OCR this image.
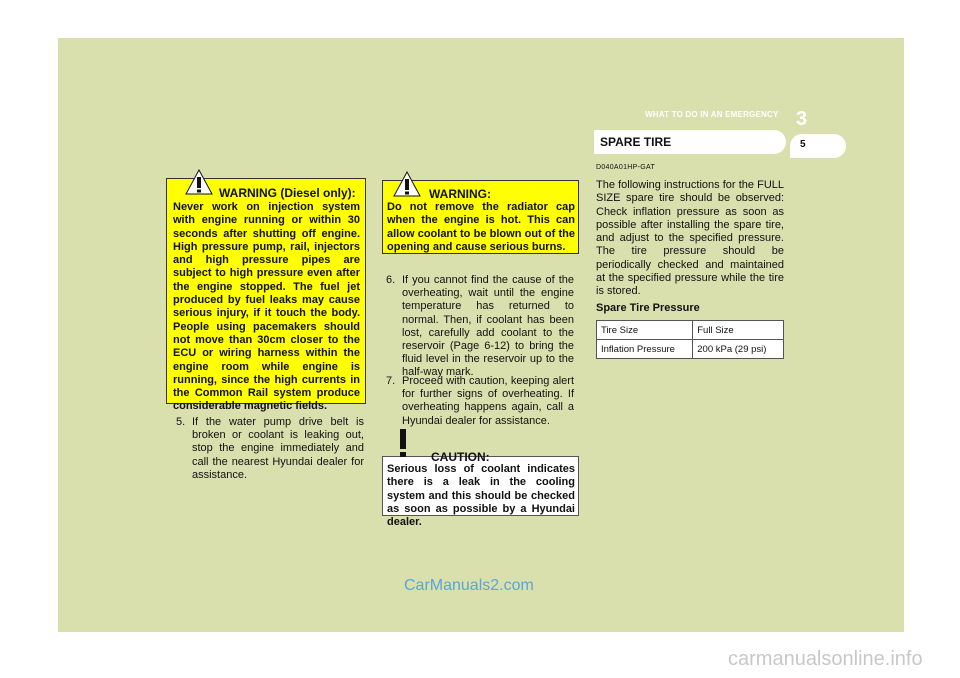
WHAT TO DO IN AN EMERGENCY 3
SPARE TIRE	5
WARNING (Diesel only):
Never work on injection system with engine running or within 30 seconds after shutting off engine. High pressure pump, rail, injectors and high pressure pipes are subject to high pressure even after the engine stopped. The fuel jet produced by fuel leaks may cause serious injury, if it touch the body. People using pacemakers should not move than 30cm closer to the ECU or wiring harness within the engine room while engine is running, since the high currents in the Common Rail system produce considerable magnetic fields.
5. If the water pump drive belt is broken or coolant is leaking out, stop the engine immediately and call the nearest Hyundai dealer for assistance.
WARNING:
Do not remove the radiator cap when the engine is hot. This can allow coolant to be blown out of the opening and cause serious burns.
6. If you cannot find the cause of the overheating, wait until the engine temperature has returned to normal. Then, if coolant has been lost, carefully add coolant to the reservoir (Page 6-12) to bring the fluid level in the reservoir up to the half-way mark.
7. Proceed with caution, keeping alert for further signs of overheating. If overheating happens again, call a Hyundai dealer for assistance.
CAUTION:
Serious loss of coolant indicates there is a leak in the cooling system and this should be checked as soon as possible by a Hyundai dealer.
D040A01HP-GAT
The following instructions for the FULL SIZE spare tire should be observed: Check inflation pressure as soon as possible after installing the spare tire, and adjust to the specified pressure. The tire pressure should be periodically checked and maintained at the specified pressure while the tire is stored.
Spare Tire Pressure
Tire Size	Full Size
Inflation Pressure	200 kPa (29 psi)
CarManuals2.com
carmanualsonline.info
